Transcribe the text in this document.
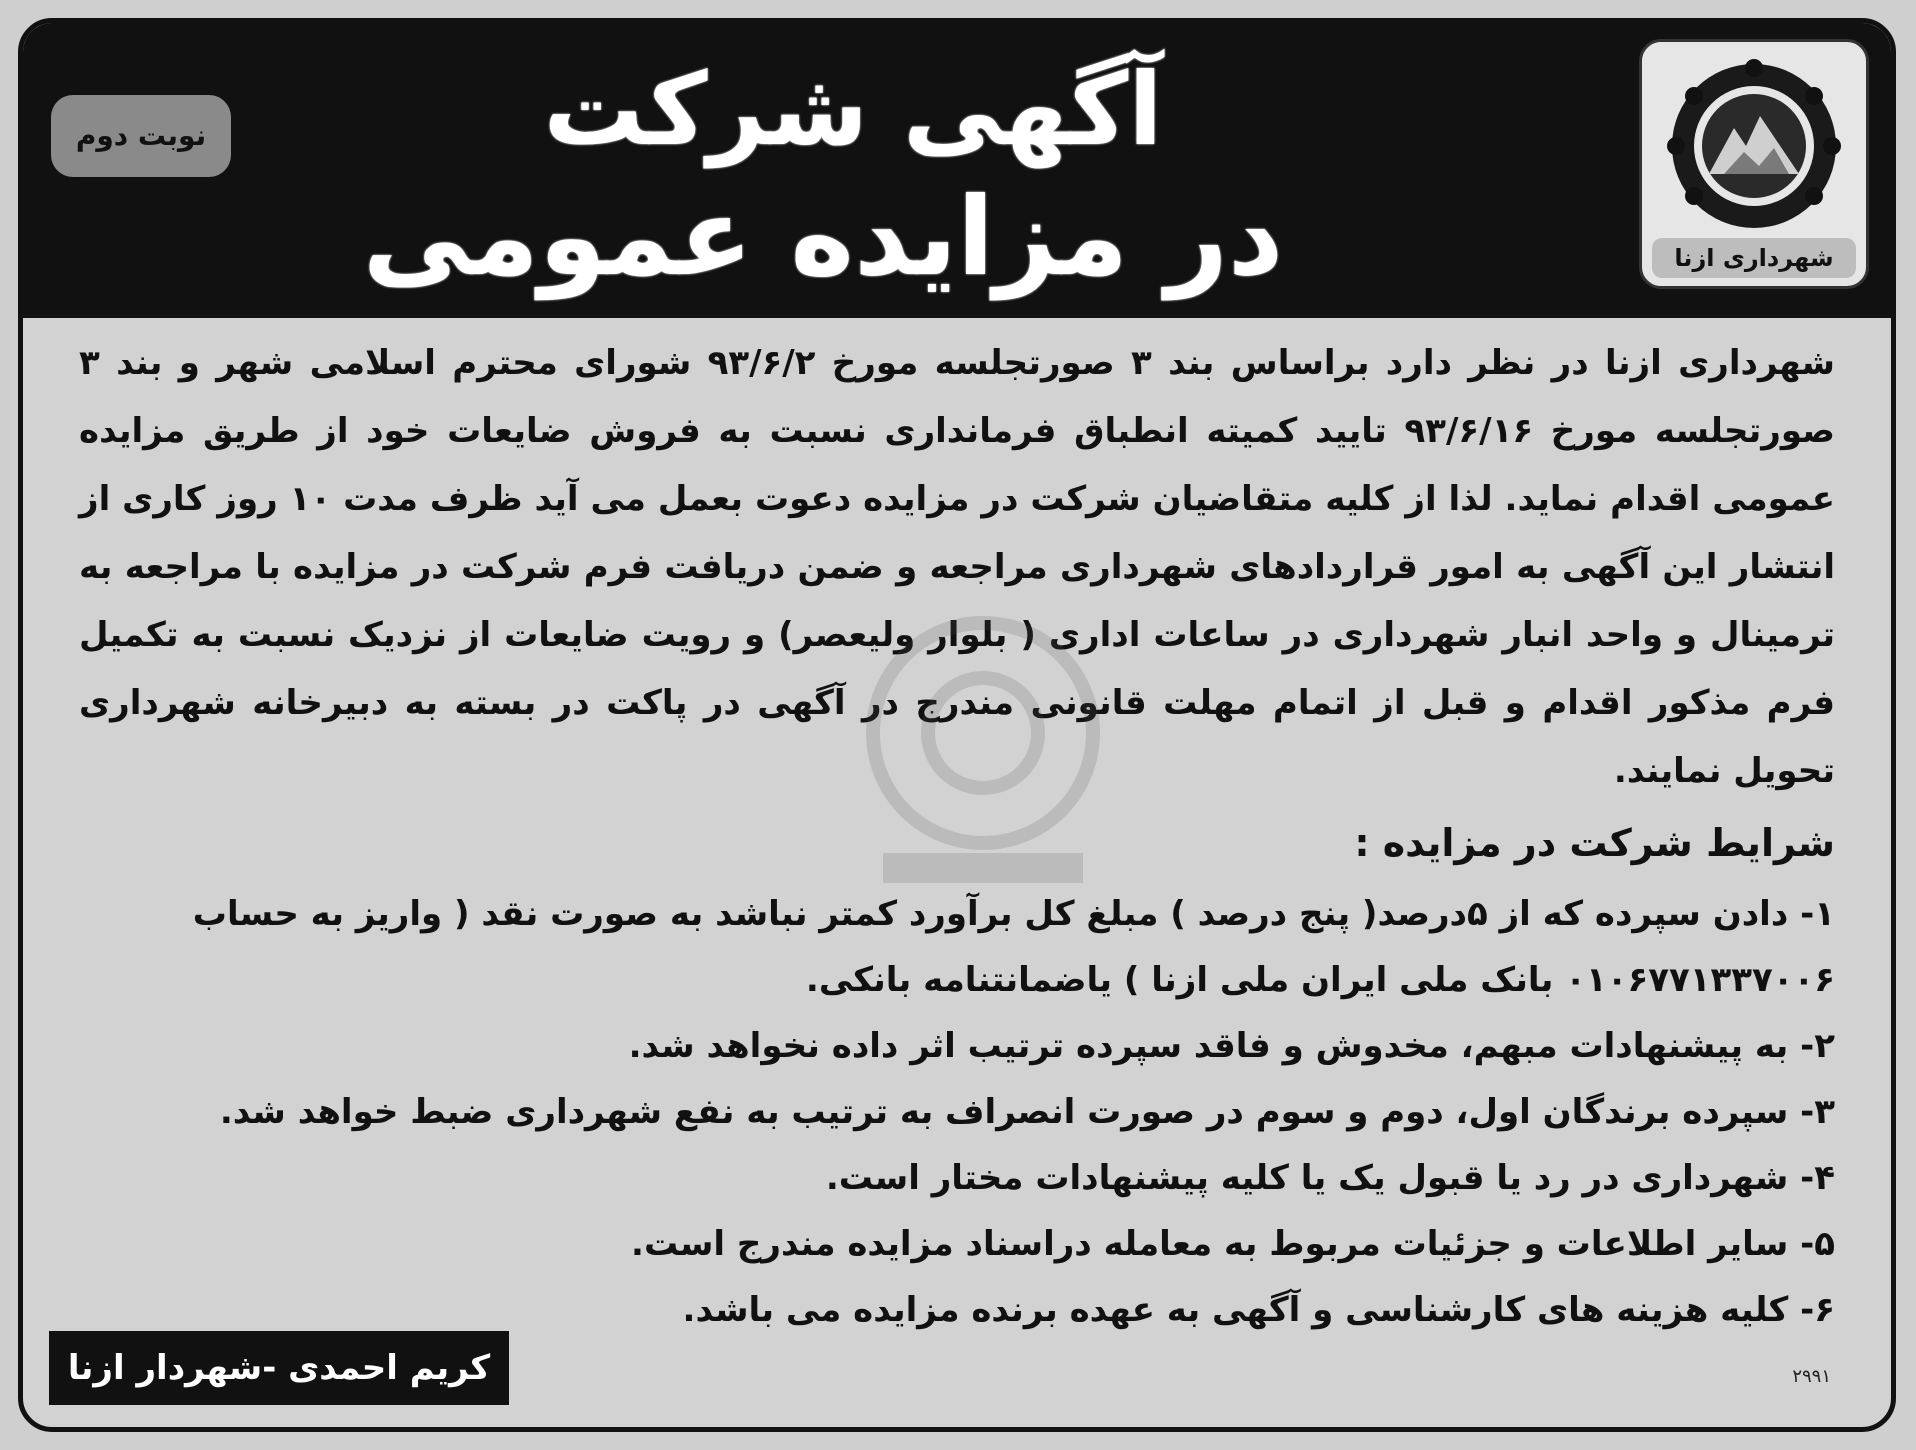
نوبت دوم	آگهی شرکت
در مزایده عمومی	شهرداری ازنا

شهرداری ازنا در نظر دارد براساس بند ۳ صورتجلسه مورخ ۹۳/۶/۲ شورای محترم اسلامی شهر و بند ۳ صورتجلسه مورخ ۹۳/۶/۱۶ تایید کمیته انطباق فرمانداری نسبت به فروش ضایعات خود از طریق مزایده عمومی اقدام نماید. لذا از کلیه متقاضیان شرکت در مزایده دعوت بعمل می آید ظرف مدت ۱۰ روز کاری از انتشار این آگهی به امور قراردادهای شهرداری مراجعه و ضمن دریافت فرم شرکت در مزایده با مراجعه به ترمینال و واحد انبار شهرداری در ساعات اداری ( بلوار ولیعصر) و رویت ضایعات از نزدیک نسبت به تکمیل فرم مذکور اقدام و قبل از اتمام مهلت قانونی مندرج در آگهی در پاکت در بسته به دبیرخانه شهرداری تحویل نمایند.

شرایط شرکت در مزایده :
۱- دادن سپرده که از ۵درصد( پنج درصد ) مبلغ کل برآورد کمتر نباشد به صورت نقد ( واریز به حساب ۰۱۰۶۷۷۱۳۳۷۰۰۶ بانک ملی ایران ملی ازنا ) یاضمانتنامه بانکی.
۲- به پیشنهادات مبهم، مخدوش و فاقد سپرده ترتیب اثر داده نخواهد شد.
۳- سپرده برندگان اول، دوم و سوم در صورت انصراف به ترتیب به نفع شهرداری ضبط خواهد شد.
۴- شهرداری در رد یا قبول یک یا کلیه پیشنهادات مختار است.
۵- سایر اطلاعات و جزئیات مربوط به معامله دراسناد مزایده مندرج است.
۶- کلیه هزینه های کارشناسی و آگهی به عهده برنده مزایده می باشد.
کریم احمدی -شهردار ازنا	۲۹۹۱
